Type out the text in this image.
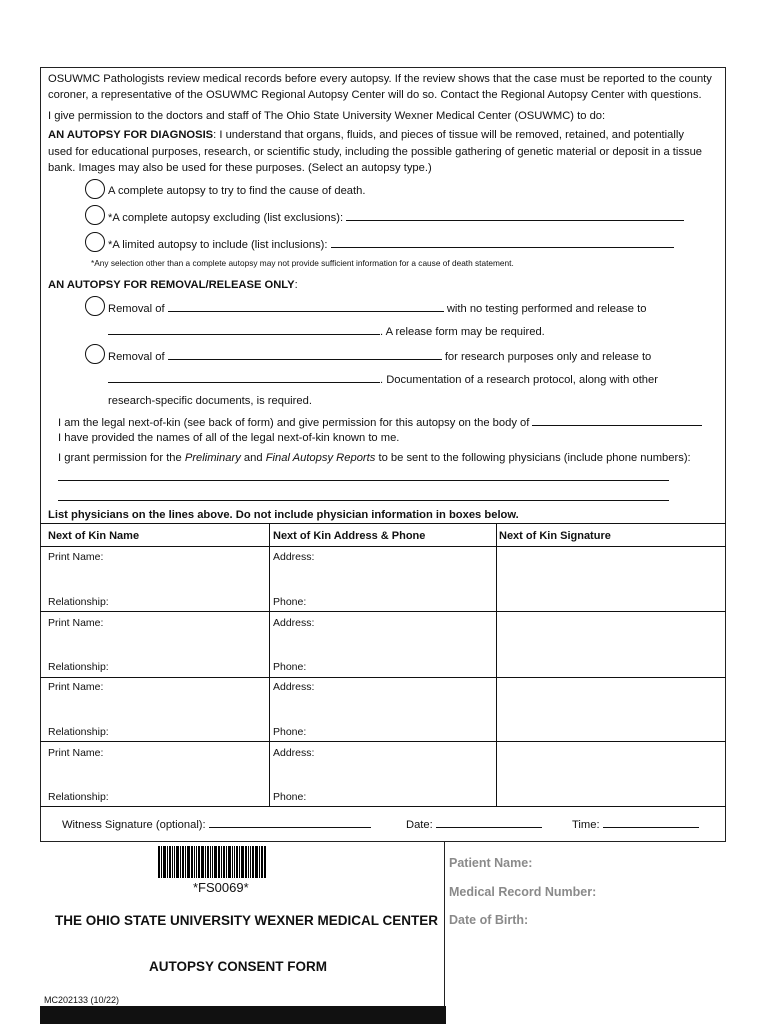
OSUWMC Pathologists review medical records before every autopsy. If the review shows that the case must be reported to the county
coroner, a representative of the OSUWMC Regional Autopsy Center will do so. Contact the Regional Autopsy Center with questions.
I give permission to the doctors and staff of The Ohio State University Wexner Medical Center (OSUWMC) to do:
AN AUTOPSY FOR DIAGNOSIS: I understand that organs, fluids, and pieces of tissue will be removed, retained, and potentially
used for educational purposes, research, or scientific study, including the possible gathering of genetic material or deposit in a tissue
bank. Images may also be used for these purposes. (Select an autopsy type.)
A complete autopsy to try to find the cause of death.
*A complete autopsy excluding (list exclusions):
*A limited autopsy to include (list inclusions):
*Any selection other than a complete autopsy may not provide sufficient information for a cause of death statement.
AN AUTOPSY FOR REMOVAL/RELEASE ONLY:
Removal of	with no testing performed and release to
. A release form may be required.
Removal of	for research purposes only and release to
. Documentation of a research protocol, along with other
research-specific documents, is required.
I am the legal next-of-kin (see back of form) and give permission for this autopsy on the body of
I have provided the names of all of the legal next-of-kin known to me.
I grant permission for the Preliminary and Final Autopsy Reports to be sent to the following physicians (include phone numbers):
List physicians on the lines above. Do not include physician information in boxes below.
Next of Kin Name	Next of Kin Address & Phone	Next of Kin Signature
Print Name:	Address:
Relationship:	Phone:
Print Name:	Address:
Relationship:	Phone:
Print Name:	Address:
Relationship:	Phone:
Print Name:	Address:
Relationship:	Phone:
Witness Signature (optional):	Date:	Time:
*FS0069*
THE OHIO STATE UNIVERSITY WEXNER MEDICAL CENTER
AUTOPSY CONSENT FORM
MC202133 (10/22)
Patient Name:
Medical Record Number:
Date of Birth:
